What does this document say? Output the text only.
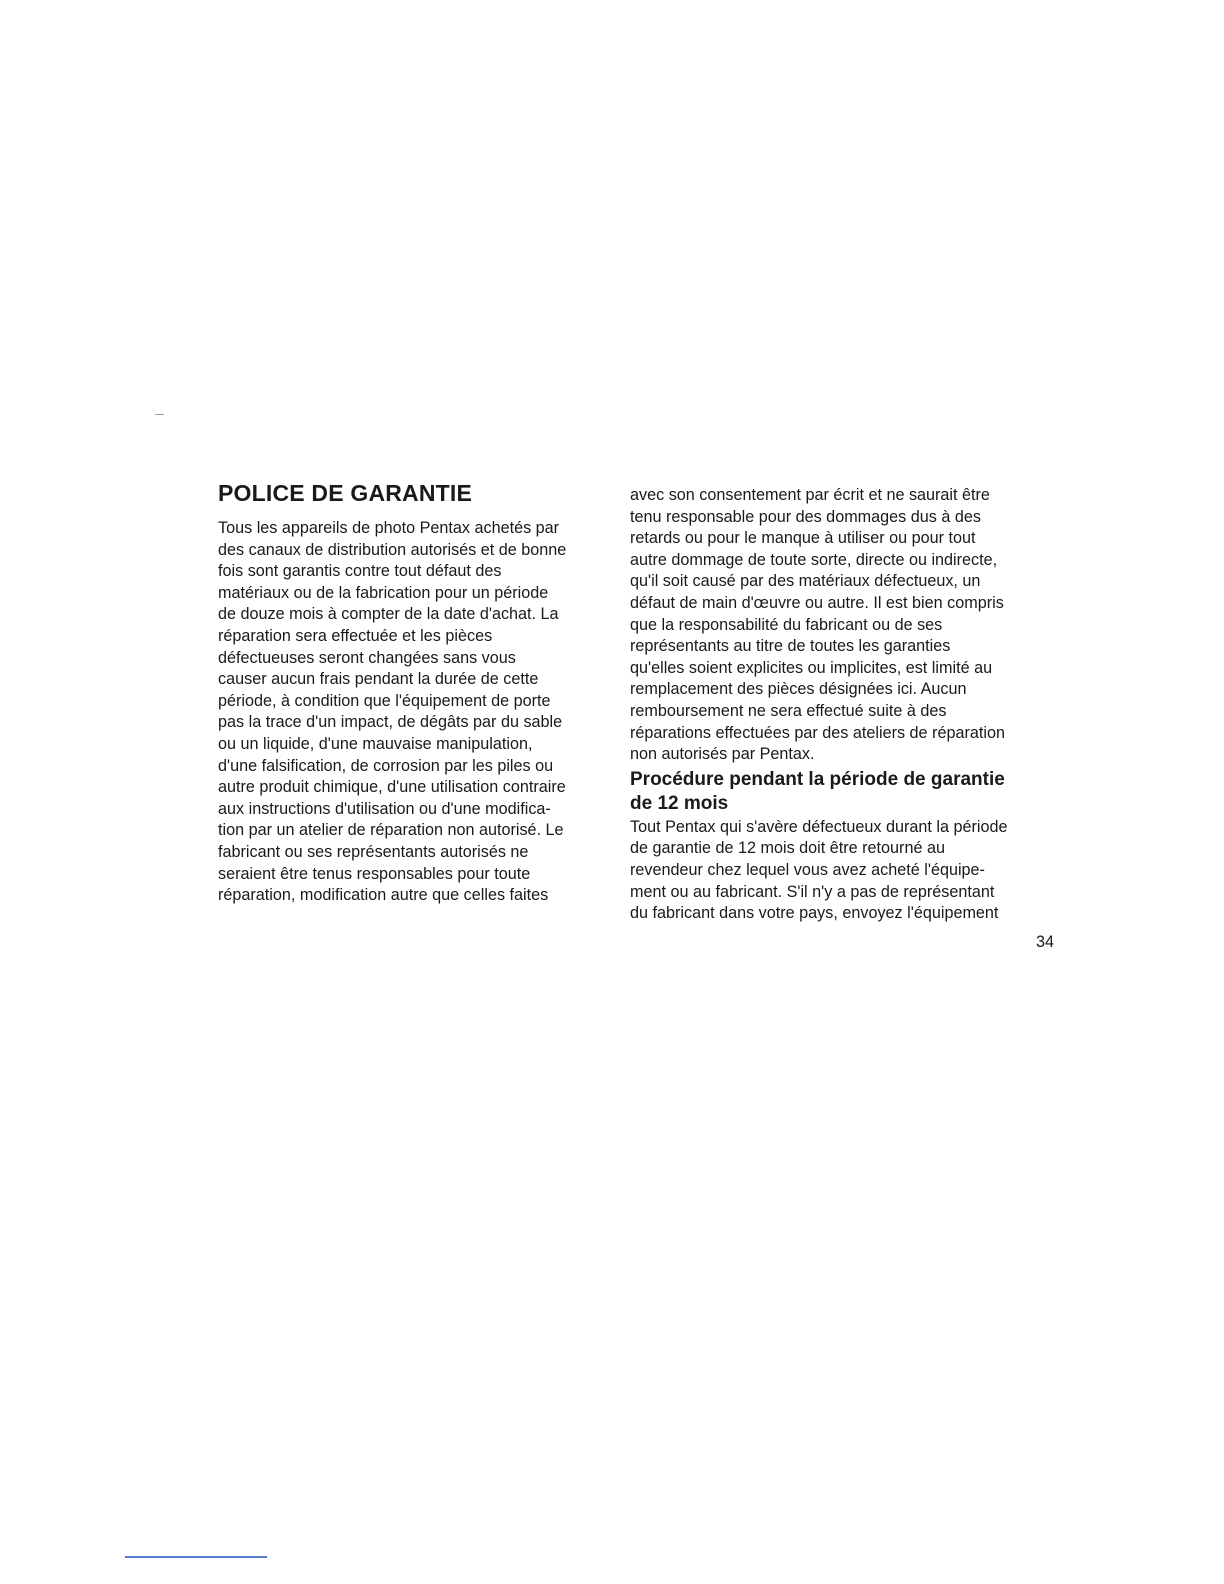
POLICE DE GARANTIE
Tous les appareils de photo Pentax achetés par
des canaux de distribution autorisés et de bonne
fois sont garantis contre tout défaut des
matériaux ou de la fabrication pour un période
de douze mois à compter de la date d'achat. La
réparation sera effectuée et les pièces
défectueuses seront changées sans vous
causer aucun frais pendant la durée de cette
période, à condition que l'équipement de porte
pas la trace d'un impact, de dégâts par du sable
ou un liquide, d'une mauvaise manipulation,
d'une falsification, de corrosion par les piles ou
autre produit chimique, d'une utilisation contraire
aux instructions d'utilisation ou d'une modifica-
tion par un atelier de réparation non autorisé. Le
fabricant ou ses représentants autorisés ne
seraient être tenus responsables pour toute
réparation, modification autre que celles faites
avec son consentement par écrit et ne saurait être
tenu responsable pour des dommages dus à des
retards ou pour le manque à utiliser ou pour tout
autre dommage de toute sorte, directe ou indirecte,
qu'il soit causé par des matériaux défectueux, un
défaut de main d'œuvre ou autre. Il est bien compris
que la responsabilité du fabricant ou de ses
représentants au titre de toutes les garanties
qu'elles soient explicites ou implicites, est limité au
remplacement des pièces désignées ici. Aucun
remboursement ne sera effectué suite à des
réparations effectuées par des ateliers de réparation
non autorisés par Pentax.
Procédure pendant la période de garantie
de 12 mois
Tout Pentax qui s'avère défectueux durant la période
de garantie de 12 mois doit être retourné au
revendeur chez lequel vous avez acheté l'équipe-
ment ou au fabricant. S'il n'y a pas de représentant
du fabricant dans votre pays, envoyez l'équipement
34
